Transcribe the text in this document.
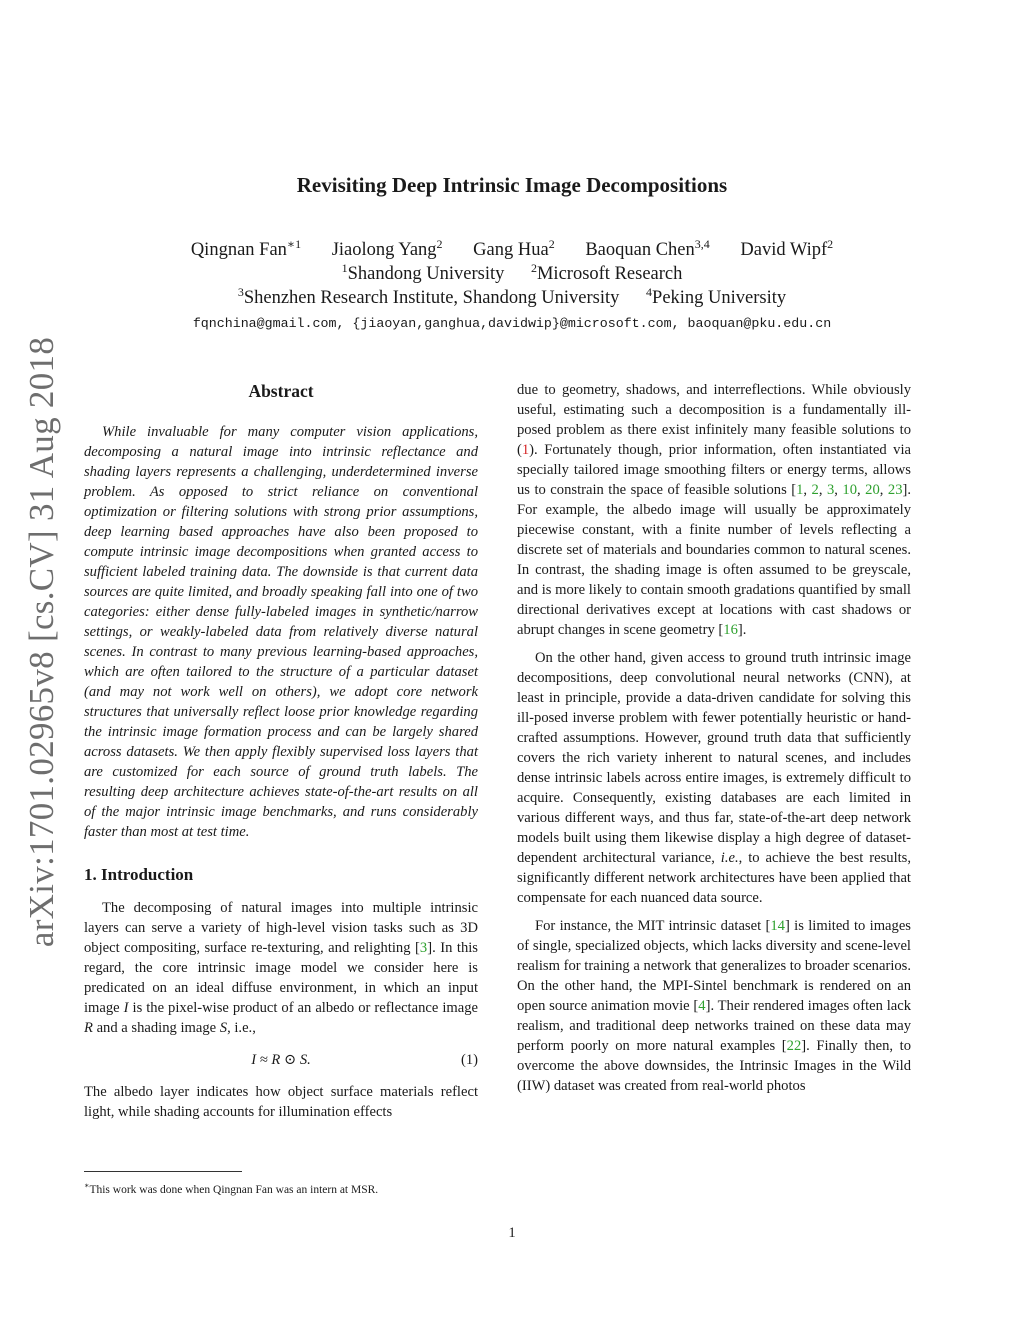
arXiv:1701.02965v8 [cs.CV] 31 Aug 2018
Revisiting Deep Intrinsic Image Decompositions
Qingnan Fan$^{∗1}$ Jiaolong Yang$^2$ Gang Hua$^2$ Baoquan Chen$^{3,4}$ David Wipf$^2$
$^1$Shandong University $^2$Microsoft Research
$^3$Shenzhen Research Institute, Shandong University $^4$Peking University
fqnchina@gmail.com, {jiaoyan,ganghua,davidwip}@microsoft.com, baoquan@pku.edu.cn
Abstract

While invaluable for many computer vision applications, decomposing a natural image into intrinsic reflectance and shading layers represents a challenging, underdetermined inverse problem. As opposed to strict reliance on conventional optimization or filtering solutions with strong prior assumptions, deep learning based approaches have also been proposed to compute intrinsic image decompositions when granted access to sufficient labeled training data. The downside is that current data sources are quite limited, and broadly speaking fall into one of two categories: either dense fully-labeled images in synthetic/narrow settings, or weakly-labeled data from relatively diverse natural scenes. In contrast to many previous learning-based approaches, which are often tailored to the structure of a particular dataset (and may not work well on others), we adopt core network structures that universally reflect loose prior knowledge regarding the intrinsic image formation process and can be largely shared across datasets. We then apply flexibly supervised loss layers that are customized for each source of ground truth labels. The resulting deep architecture achieves state-of-the-art results on all of the major intrinsic image benchmarks, and runs considerably faster than most at test time.

1. Introduction

The decomposing of natural images into multiple intrinsic layers can serve a variety of high-level vision tasks such as 3D object compositing, surface re-texturing, and relighting [3]. In this regard, the core intrinsic image model we consider here is predicated on an ideal diffuse environment, in which an input image I is the pixel-wise product of an albedo or reflectance image R and a shading image S, i.e.,

I ≈ R ⊙ S.	(1)

The albedo layer indicates how object surface materials reflect light, while shading accounts for illumination effects

due to geometry, shadows, and interreflections. While obviously useful, estimating such a decomposition is a fundamentally ill-posed problem as there exist infinitely many feasible solutions to (1). Fortunately though, prior information, often instantiated via specially tailored image smoothing filters or energy terms, allows us to constrain the space of feasible solutions [1, 2, 3, 10, 20, 23]. For example, the albedo image will usually be approximately piecewise constant, with a finite number of levels reflecting a discrete set of materials and boundaries common to natural scenes. In contrast, the shading image is often assumed to be greyscale, and is more likely to contain smooth gradations quantified by small directional derivatives except at locations with cast shadows or abrupt changes in scene geometry [16].

On the other hand, given access to ground truth intrinsic image decompositions, deep convolutional neural networks (CNN), at least in principle, provide a data-driven candidate for solving this ill-posed inverse problem with fewer potentially heuristic or hand-crafted assumptions. However, ground truth data that sufficiently covers the rich variety inherent to natural scenes, and includes dense intrinsic labels across entire images, is extremely difficult to acquire. Consequently, existing databases are each limited in various different ways, and thus far, state-of-the-art deep network models built using them likewise display a high degree of dataset-dependent architectural variance, i.e., to achieve the best results, significantly different network architectures have been applied that compensate for each nuanced data source.

For instance, the MIT intrinsic dataset [14] is limited to images of single, specialized objects, which lacks diversity and scene-level realism for training a network that generalizes to broader scenarios. On the other hand, the MPI-Sintel benchmark is rendered on an open source animation movie [4]. Their rendered images often lack realism, and traditional deep networks trained on these data may perform poorly on more natural examples [22]. Finally then, to overcome the above downsides, the Intrinsic Images in the Wild (IIW) dataset was created from real-world photos

∗This work was done when Qingnan Fan was an intern at MSR.
1
